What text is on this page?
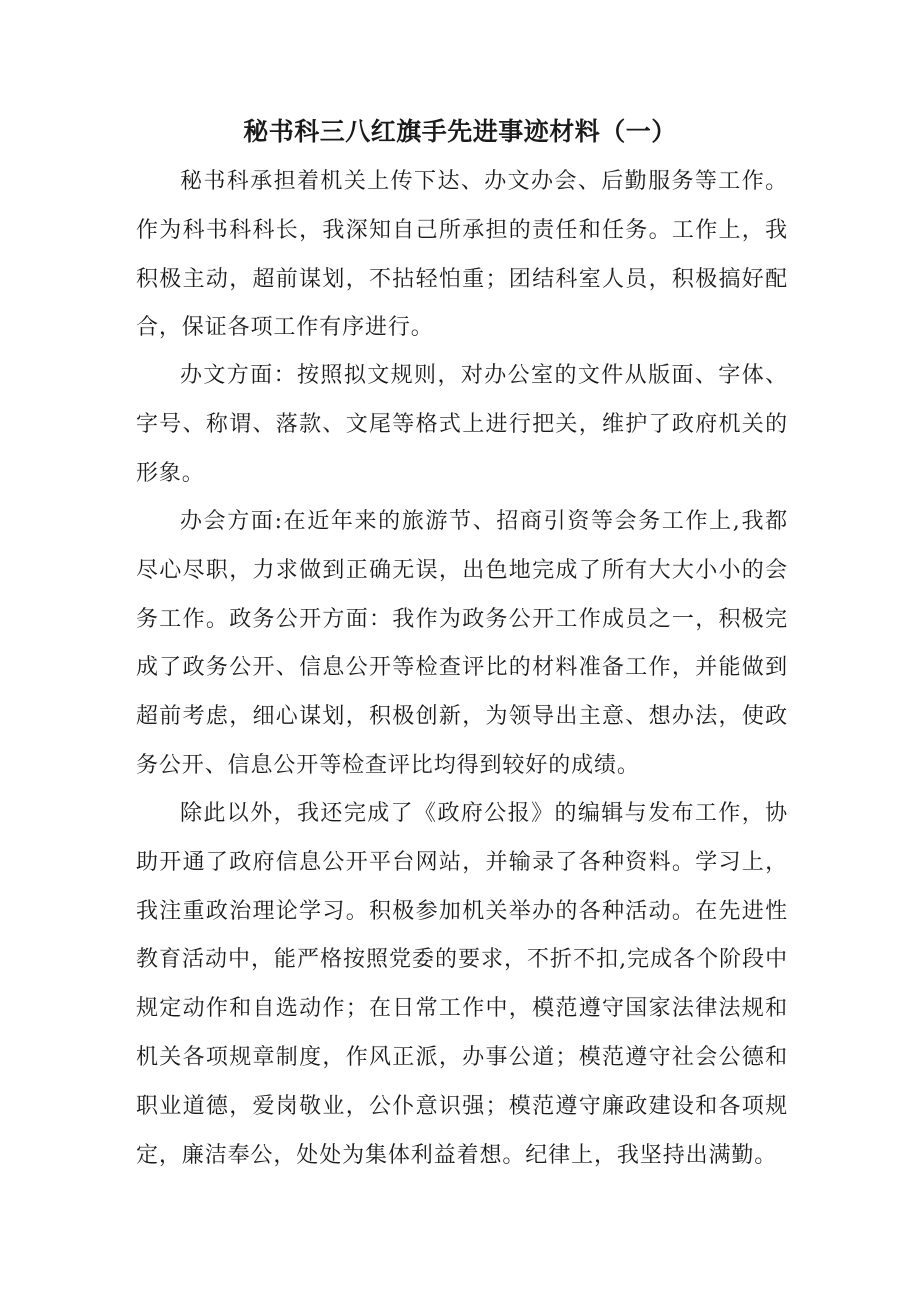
秘书科三八红旗手先进事迹材料（一）

秘书科承担着机关上传下达、办文办会、后勤服务等工作。作为科书科科长，我深知自己所承担的责任和任务。工作上，我积极主动，超前谋划，不拈轻怕重；团结科室人员，积极搞好配合，保证各项工作有序进行。

办文方面：按照拟文规则，对办公室的文件从版面、字体、字号、称谓、落款、文尾等格式上进行把关，维护了政府机关的形象。

办会方面:在近年来的旅游节、招商引资等会务工作上,我都尽心尽职，力求做到正确无误，出色地完成了所有大大小小的会务工作。政务公开方面：我作为政务公开工作成员之一，积极完成了政务公开、信息公开等检查评比的材料准备工作，并能做到超前考虑，细心谋划，积极创新，为领导出主意、想办法，使政务公开、信息公开等检查评比均得到较好的成绩。

除此以外，我还完成了《政府公报》的编辑与发布工作，协助开通了政府信息公开平台网站，并输录了各种资料。学习上，我注重政治理论学习。积极参加机关举办的各种活动。在先进性教育活动中，能严格按照党委的要求，不折不扣,完成各个阶段中规定动作和自选动作；在日常工作中，模范遵守国家法律法规和机关各项规章制度，作风正派，办事公道；模范遵守社会公德和职业道德，爱岗敬业，公仆意识强；模范遵守廉政建设和各项规定，廉洁奉公，处处为集体利益着想。纪律上，我坚持出满勤。
